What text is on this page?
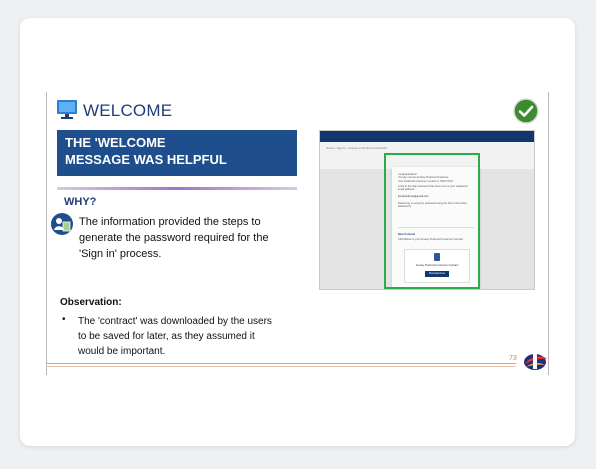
WELCOME
THE 'WELCOME
MESSAGE WAS HELPFUL
WHY?
The information provided the steps to generate the password required for the 'Sign in' process.
Observation:
• The 'contract' was downloaded by the users to be saved for later, as they assumed it would be important.
Home › Sign in › Access to Preferred Contract
Congratulations!
You are now an Amway Preferred Customer.
Your Preferred Customer number is 7003-XXXX
A link to the login password has been sent to your registered email address.
Emilyandrews@gmail.com
Please log in using the password using the link to the button followed by.
Next Contract
Click Below to your Amway Preferred Customer Contract
Amway Preferred Customer Contract
Download here
73
